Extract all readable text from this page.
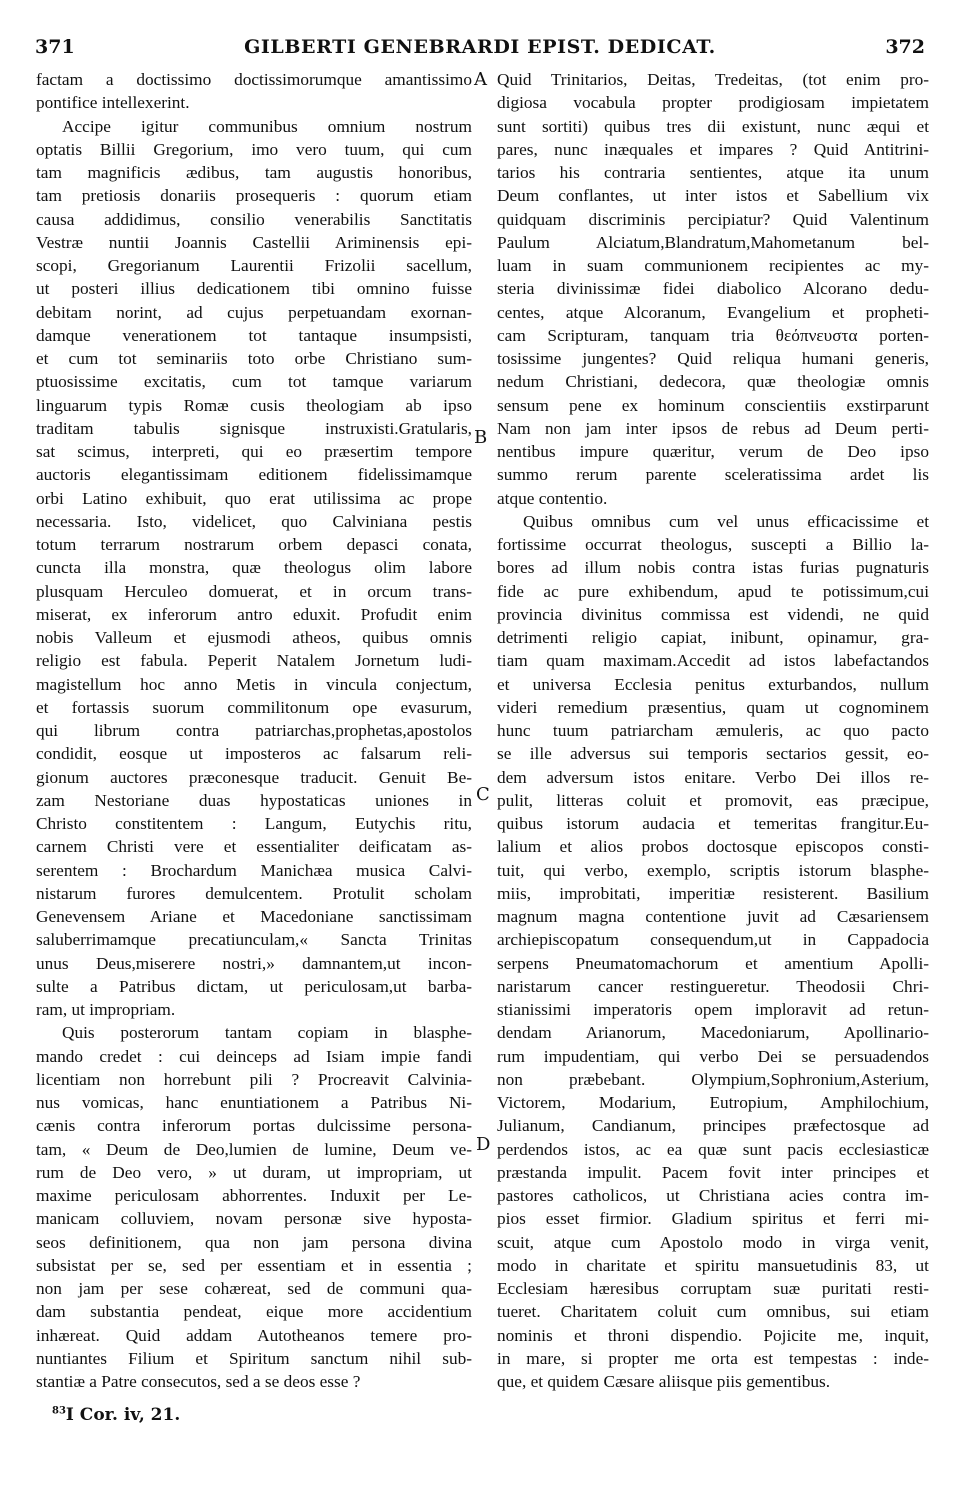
371	GILBERTI GENEBRARDI EPIST. DEDICAT.	372
factam a doctissimo doctissimorumque amantissimo
pontifice intellexerint.
Accipe igitur communibus omnium nostrum
optatis Billii Gregorium, imo vero tuum, qui cum
tam magnificis ædibus, tam augustis honoribus,
tam pretiosis donariis prosequeris : quorum etiam
causa addidimus, consilio venerabilis Sanctitatis
Vestræ nuntii Joannis Castellii Ariminensis epi-
scopi, Gregorianum Laurentii Frizolii sacellum,
ut posteri illius dedicationem tibi omnino fuisse
debitam norint, ad cujus perpetuandam exornan-
damque venerationem tot tantaque insumpsisti,
et cum tot seminariis toto orbe Christiano sum-
ptuosissime excitatis, cum tot tamque variarum
linguarum typis Romæ cusis theologiam ab ipso
traditam tabulis signisque instruxisti.Gratularis,
sat scimus, interpreti, qui eo præsertim tempore
auctoris elegantissimam editionem fidelissimamque
orbi Latino exhibuit, quo erat utilissima ac prope
necessaria. Isto, videlicet, quo Calviniana pestis
totum terrarum nostrarum orbem depasci conata,
cuncta illa monstra, quæ theologus olim labore
plusquam Herculeo domuerat, et in orcum trans-
miserat, ex inferorum antro eduxit. Profudit enim
nobis Valleum et ejusmodi atheos, quibus omnis
religio est fabula. Peperit Natalem Jornetum ludi-
magistellum hoc anno Metis in vincula conjectum,
et fortassis suorum commilitonum ope evasurum,
qui librum contra patriarchas,prophetas,apostolos
condidit, eosque ut imposteros ac falsarum reli-
gionum auctores præconesque traducit. Genuit Be-
zam Nestoriane duas hypostaticas uniones in
Christo constitentem : Langum, Eutychis ritu,
carnem Christi vere et essentialiter deificatam as-
serentem : Brochardum Manichæa musica Calvi-
nistarum furores demulcentem. Protulit scholam
Genevensem Ariane et Macedoniane sanctissimam
saluberrimamque precatiunculam,« Sancta Trinitas
unus Deus,miserere nostri,» damnantem,ut incon-
sulte a Patribus dictam, ut periculosam,ut barba-
ram, ut impropriam.
Quis posterorum tantam copiam in blasphe-
mando credet : cui deinceps ad Isiam impie fandi
licentiam non horrebunt pili ? Procreavit Calvinia-
nus vomicas, hanc enuntiationem a Patribus Ni-
cænis contra inferorum portas dulcissime persona-
tam, « Deum de Deo,lumien de lumine, Deum ve-
rum de Deo vero, » ut duram, ut impropriam, ut
maxime periculosam abhorrentes. Induxit per Le-
manicam colluviem, novam personæ sive hyposta-
seos definitionem, qua non jam persona divina
subsistat per se, sed per essentiam et in essentia ;
non jam per sese cohæreat, sed de communi qua-
dam substantia pendeat, eique more accidentium
inhæreat. Quid addam Autotheanos temere pro-
nuntiantes Filium et Spiritum sanctum nihil sub-
stantiæ a Patre consecutos, sed a se deos esse ?
Quid Trinitarios, Deitas, Tredeitas, (tot enim pro-
digiosa vocabula propter prodigiosam impietatem
sunt sortiti) quibus tres dii existunt, nunc æqui et
pares, nunc inæquales et impares ? Quid Antitrini-
tarios his contraria sentientes, atque ita unum
Deum conflantes, ut inter istos et Sabellium vix
quidquam discriminis percipiatur? Quid Valentinum
Paulum Alciatum,Blandratum,Mahometanum bel-
luam in suam communionem recipientes ac my-
steria divinissimæ fidei diabolico Alcorano dedu-
centes, atque Alcoranum, Evangelium et propheti-
cam Scripturam, tanquam tria θεόπνευστα porten-
tosissime jungentes? Quid reliqua humani generis,
nedum Christiani, dedecora, quæ theologiæ omnis
sensum pene ex hominum conscientiis exstirparunt
Nam non jam inter ipsos de rebus ad Deum perti-
nentibus impure quæritur, verum de Deo ipso
summo rerum parente sceleratissima ardet lis
atque contentio.
Quibus omnibus cum vel unus efficacissime et
fortissime occurrat theologus, suscepti a Billio la-
bores ad illum nobis contra istas furias pugnaturis
fide ac pure exhibendum, apud te potissimum,cui
provincia divinitus commissa est videndi, ne quid
detrimenti religio capiat, inibunt, opinamur, gra-
tiam quam maximam.Accedit ad istos labefactandos
et universa Ecclesia penitus exturbandos, nullum
videri remedium præsentius, quam ut cognominem
hunc tuum patriarcham æmuleris, ac quo pacto
se ille adversus sui temporis sectarios gessit, eo-
dem adversum istos enitare. Verbo Dei illos re-
pulit, litteras coluit et promovit, eas præcipue,
quibus istorum audacia et temeritas frangitur.Eu-
lalium et alios probos doctosque episcopos consti-
tuit, qui verbo, exemplo, scriptis istorum blasphe-
miis, improbitati, imperitiæ resisterent. Basilium
magnum magna contentione juvit ad Cæsariensem
archiepiscopatum consequendum,ut in Cappadocia
serpens Pneumatomachorum et amentium Apolli-
naristarum cancer restingueretur. Theodosii Chri-
stianissimi imperatoris opem imploravit ad retun-
dendam Arianorum, Macedoniarum, Apollinario-
rum impudentiam, qui verbo Dei se persuadendos
non præbebant. Olympium,Sophronium,Asterium,
Victorem, Modarium, Eutropium, Amphilochium,
Julianum, Candianum, principes præfectosque ad
perdendos istos, ac ea quæ sunt pacis ecclesiasticæ
præstanda impulit. Pacem fovit inter principes et
pastores catholicos, ut Christiana acies contra im-
pios esset firmior. Gladium spiritus et ferri mi-
scuit, atque cum Apostolo modo in virga venit,
modo in charitate et spiritu mansuetudinis 83, ut
Ecclesiam hæresibus corruptam suæ puritati resti-
tueret. Charitatem coluit cum omnibus, sui etiam
nominis et throni dispendio. Pojicite me, inquit,
in mare, si propter me orta est tempestas : inde-
que, et quidem Cæsare aliisque piis gementibus.
A
B
C
D
$^{83}$I Cor. iv, 21.
